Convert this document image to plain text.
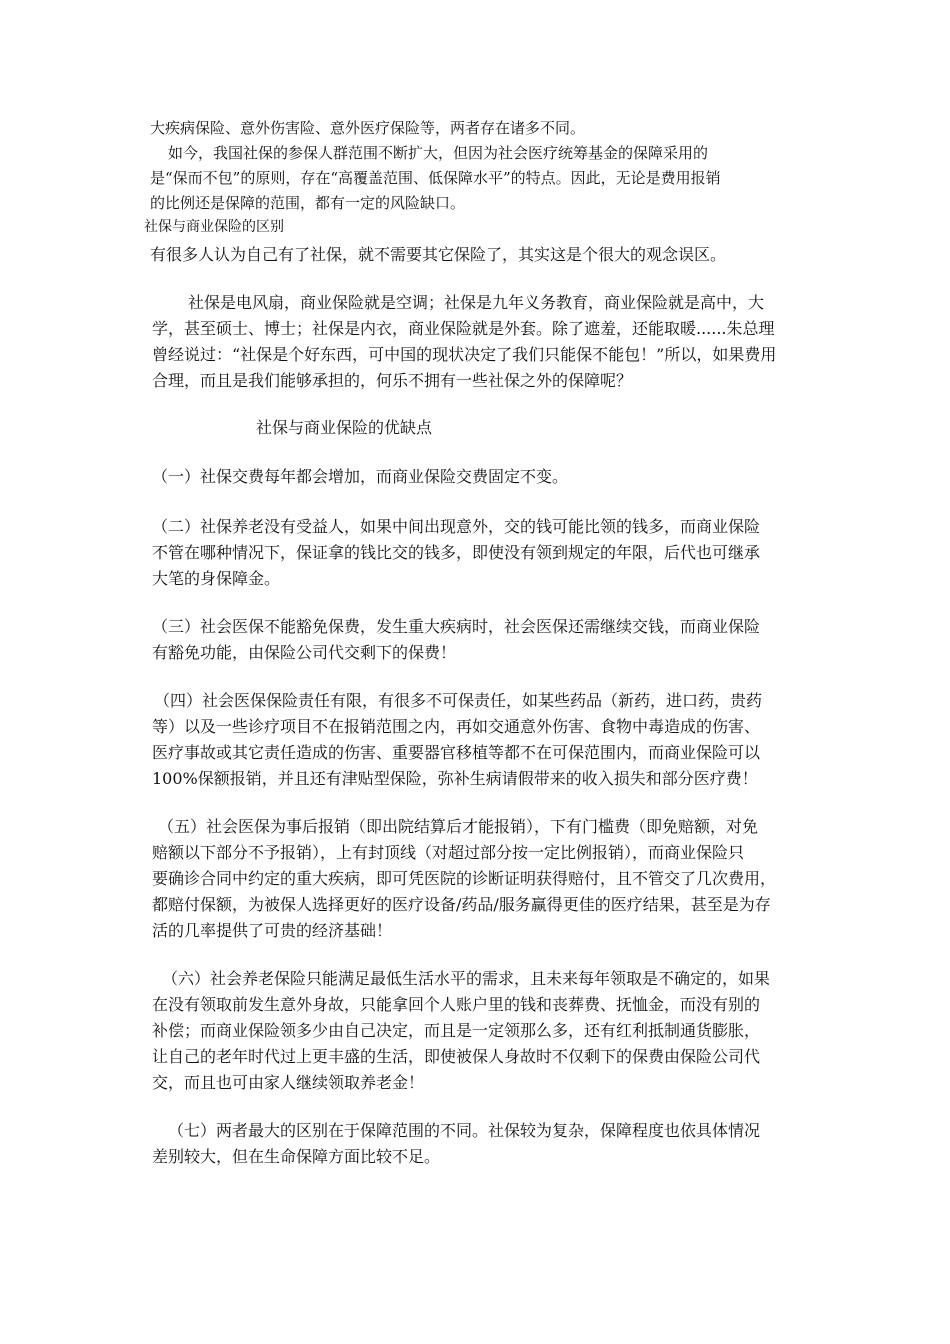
大疾病保险、意外伤害险、意外医疗保险等，两者存在诸多不同。

如今，我国社保的参保人群范围不断扩大，但因为社会医疗统筹基金的保障采用的

是“保而不包”的原则，存在“高覆盖范围、低保障水平”的特点。因此，无论是费用报销

的比例还是保障的范围，都有一定的风险缺口。

社保与商业保险的区别

有很多人认为自己有了社保，就不需要其它保险了，其实这是个很大的观念误区。

社保是电风扇，商业保险就是空调；社保是九年义务教育，商业保险就是高中，大

学，甚至硕士、博士；社保是内衣，商业保险就是外套。除了遮羞，还能取暖......朱总理

曾经说过：“社保是个好东西，可中国的现状决定了我们只能保不能包！”所以，如果费用

合理，而且是我们能够承担的，何乐不拥有一些社保之外的保障呢？

社保与商业保险的优缺点

（一）社保交费每年都会增加，而商业保险交费固定不变。

（二）社保养老没有受益人，如果中间出现意外，交的钱可能比领的钱多，而商业保险

不管在哪种情况下，保证拿的钱比交的钱多，即使没有领到规定的年限，后代也可继承

大笔的身保障金。

（三）社会医保不能豁免保费，发生重大疾病时，社会医保还需继续交钱，而商业保险

有豁免功能，由保险公司代交剩下的保费！

（四）社会医保保险责任有限，有很多不可保责任，如某些药品（新药，进口药，贵药

等）以及一些诊疗项目不在报销范围之内，再如交通意外伤害、食物中毒造成的伤害、

医疗事故或其它责任造成的伤害、重要器官移植等都不在可保范围内，而商业保险可以

100%保额报销，并且还有津贴型保险，弥补生病请假带来的收入损失和部分医疗费！

（五）社会医保为事后报销（即出院结算后才能报销），下有门槛费（即免赔额，对免

赔额以下部分不予报销），上有封顶线（对超过部分按一定比例报销），而商业保险只

要确诊合同中约定的重大疾病，即可凭医院的诊断证明获得赔付，且不管交了几次费用，

都赔付保额，为被保人选择更好的医疗设备/药品/服务赢得更佳的医疗结果，甚至是为存

活的几率提供了可贵的经济基础！

（六）社会养老保险只能满足最低生活水平的需求，且未来每年领取是不确定的，如果

在没有领取前发生意外身故，只能拿回个人账户里的钱和丧葬费、抚恤金，而没有别的

补偿；而商业保险领多少由自己决定，而且是一定领那么多，还有红利抵制通货膨胀，

让自己的老年时代过上更丰盛的生活，即使被保人身故时不仅剩下的保费由保险公司代

交，而且也可由家人继续领取养老金！

（七）两者最大的区别在于保障范围的不同。社保较为复杂，保障程度也依具体情况

差别较大，但在生命保障方面比较不足。
